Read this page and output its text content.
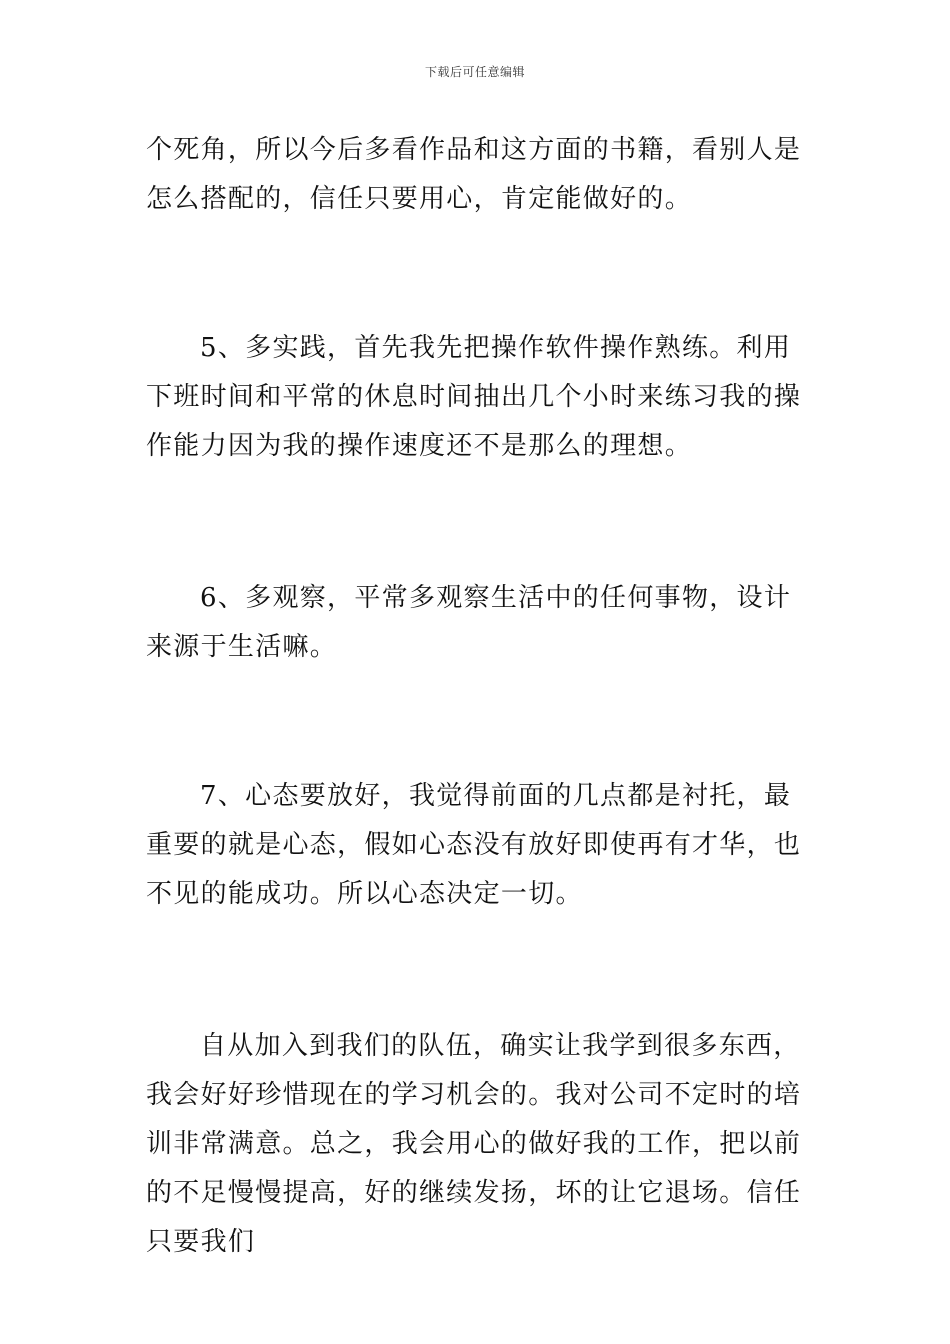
下载后可任意编辑

个死角，所以今后多看作品和这方面的书籍，看别人是怎么搭配的，信任只要用心，肯定能做好的。

5、多实践，首先我先把操作软件操作熟练。利用下班时间和平常的休息时间抽出几个小时来练习我的操作能力因为我的操作速度还不是那么的理想。

6、多观察，平常多观察生活中的任何事物，设计来源于生活嘛。

7、心态要放好，我觉得前面的几点都是衬托，最重要的就是心态，假如心态没有放好即使再有才华，也不见的能成功。所以心态决定一切。

自从加入到我们的队伍，确实让我学到很多东西，我会好好珍惜现在的学习机会的。我对公司不定时的培训非常满意。总之，我会用心的做好我的工作，把以前的不足慢慢提高，好的继续发扬，坏的让它退场。信任只要我们
